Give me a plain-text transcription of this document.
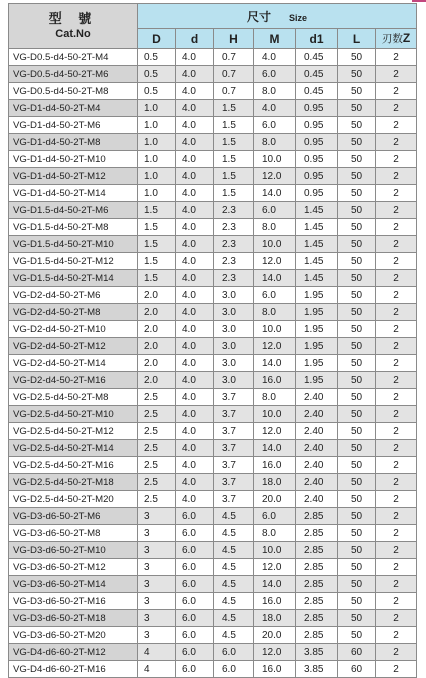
型 號
Cat.No	尺寸 Size						
	D	d	H	M	d1	L	刃数Z
VG-D0.5-d4-50-2T-M4	0.5	4.0	0.7	4.0	0.45	50	2
VG-D0.5-d4-50-2T-M6	0.5	4.0	0.7	6.0	0.45	50	2
VG-D0.5-d4-50-2T-M8	0.5	4.0	0.7	8.0	0.45	50	2
VG-D1-d4-50-2T-M4	1.0	4.0	1.5	4.0	0.95	50	2
VG-D1-d4-50-2T-M6	1.0	4.0	1.5	6.0	0.95	50	2
VG-D1-d4-50-2T-M8	1.0	4.0	1.5	8.0	0.95	50	2
VG-D1-d4-50-2T-M10	1.0	4.0	1.5	10.0	0.95	50	2
VG-D1-d4-50-2T-M12	1.0	4.0	1.5	12.0	0.95	50	2
VG-D1-d4-50-2T-M14	1.0	4.0	1.5	14.0	0.95	50	2
VG-D1.5-d4-50-2T-M6	1.5	4.0	2.3	6.0	1.45	50	2
VG-D1.5-d4-50-2T-M8	1.5	4.0	2.3	8.0	1.45	50	2
VG-D1.5-d4-50-2T-M10	1.5	4.0	2.3	10.0	1.45	50	2
VG-D1.5-d4-50-2T-M12	1.5	4.0	2.3	12.0	1.45	50	2
VG-D1.5-d4-50-2T-M14	1.5	4.0	2.3	14.0	1.45	50	2
VG-D2-d4-50-2T-M6	2.0	4.0	3.0	6.0	1.95	50	2
VG-D2-d4-50-2T-M8	2.0	4.0	3.0	8.0	1.95	50	2
VG-D2-d4-50-2T-M10	2.0	4.0	3.0	10.0	1.95	50	2
VG-D2-d4-50-2T-M12	2.0	4.0	3.0	12.0	1.95	50	2
VG-D2-d4-50-2T-M14	2.0	4.0	3.0	14.0	1.95	50	2
VG-D2-d4-50-2T-M16	2.0	4.0	3.0	16.0	1.95	50	2
VG-D2.5-d4-50-2T-M8	2.5	4.0	3.7	8.0	2.40	50	2
VG-D2.5-d4-50-2T-M10	2.5	4.0	3.7	10.0	2.40	50	2
VG-D2.5-d4-50-2T-M12	2.5	4.0	3.7	12.0	2.40	50	2
VG-D2.5-d4-50-2T-M14	2.5	4.0	3.7	14.0	2.40	50	2
VG-D2.5-d4-50-2T-M16	2.5	4.0	3.7	16.0	2.40	50	2
VG-D2.5-d4-50-2T-M18	2.5	4.0	3.7	18.0	2.40	50	2
VG-D2.5-d4-50-2T-M20	2.5	4.0	3.7	20.0	2.40	50	2
VG-D3-d6-50-2T-M6	3	6.0	4.5	6.0	2.85	50	2
VG-D3-d6-50-2T-M8	3	6.0	4.5	8.0	2.85	50	2
VG-D3-d6-50-2T-M10	3	6.0	4.5	10.0	2.85	50	2
VG-D3-d6-50-2T-M12	3	6.0	4.5	12.0	2.85	50	2
VG-D3-d6-50-2T-M14	3	6.0	4.5	14.0	2.85	50	2
VG-D3-d6-50-2T-M16	3	6.0	4.5	16.0	2.85	50	2
VG-D3-d6-50-2T-M18	3	6.0	4.5	18.0	2.85	50	2
VG-D3-d6-50-2T-M20	3	6.0	4.5	20.0	2.85	50	2
VG-D4-d6-60-2T-M12	4	6.0	6.0	12.0	3.85	60	2
VG-D4-d6-60-2T-M16	4	6.0	6.0	16.0	3.85	60	2
